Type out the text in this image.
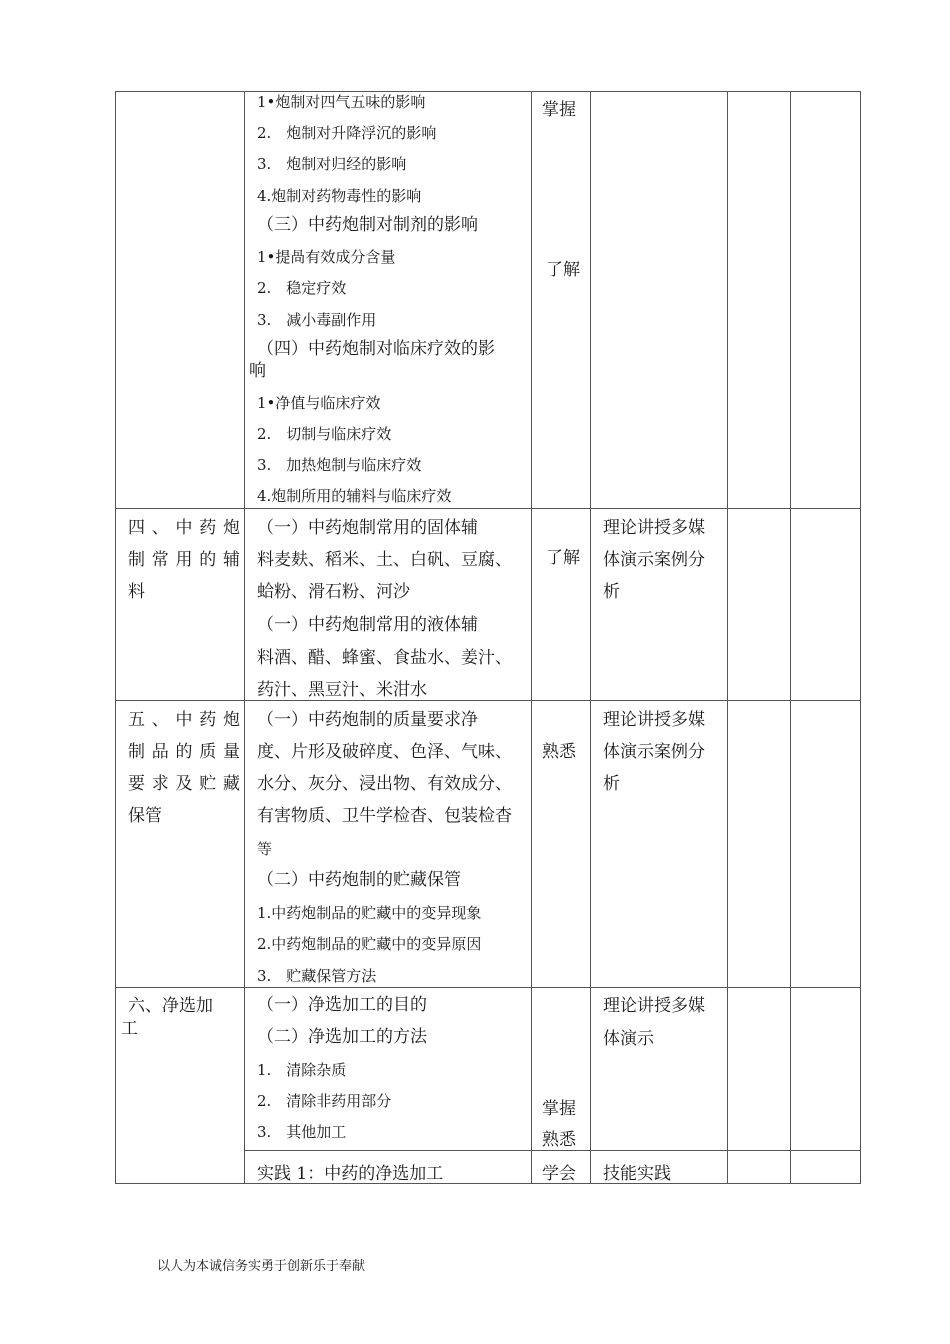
1•炮制对四气五味的影响
2.　炮制对升降浮沉的影响
3.　炮制对归经的影响
4.炮制对药物毒性的影响
（三）中药炮制对制剂的影响
1•提咼有效成分含量
2.　稳定疗效
3.　减小毒副作用
（四）中药炮制对临床疗效的影
响
1•净值与临床疗效
2.　切制与临床疗效
3.　加热炮制与临床疗效
4.炮制所用的辅料与临床疗效
掌握
了解
四、中药炮
制常用的辅
料
（一）中药炮制常用的固体辅
料麦麸、稻米、土、白矾、豆腐、
蛤粉、滑石粉、河沙
（一）中药炮制常用的液体辅
料酒、醋、蜂蜜、食盐水、姜汁、
药汁、黑豆汁、米泔水
了解
理论讲授多媒
体演示案例分
析
五、中药炮
制品的质量
要求及贮藏
保管
（一）中药炮制的质量要求净
度、片形及破碎度、色泽、气味、
水分、灰分、浸出物、有效成分、
有害物质、卫牛学检杳、包装检杳
等
（二）中药炮制的贮藏保管
1.中药炮制品的贮藏中的变异现象
2.中药炮制品的贮藏中的变异原因
3.　贮藏保管方法
熟悉
理论讲授多媒
体演示案例分
析
六、净选加
工
（一）净选加工的目的
（二）净选加工的方法
1.　清除杂质
2.　清除非药用部分
3.　其他加工
掌握
熟悉
理论讲授多媒
体演示
实践 1：中药的净选加工	学会 技能实践
以人为本诚信务实勇于创新乐于奉献
